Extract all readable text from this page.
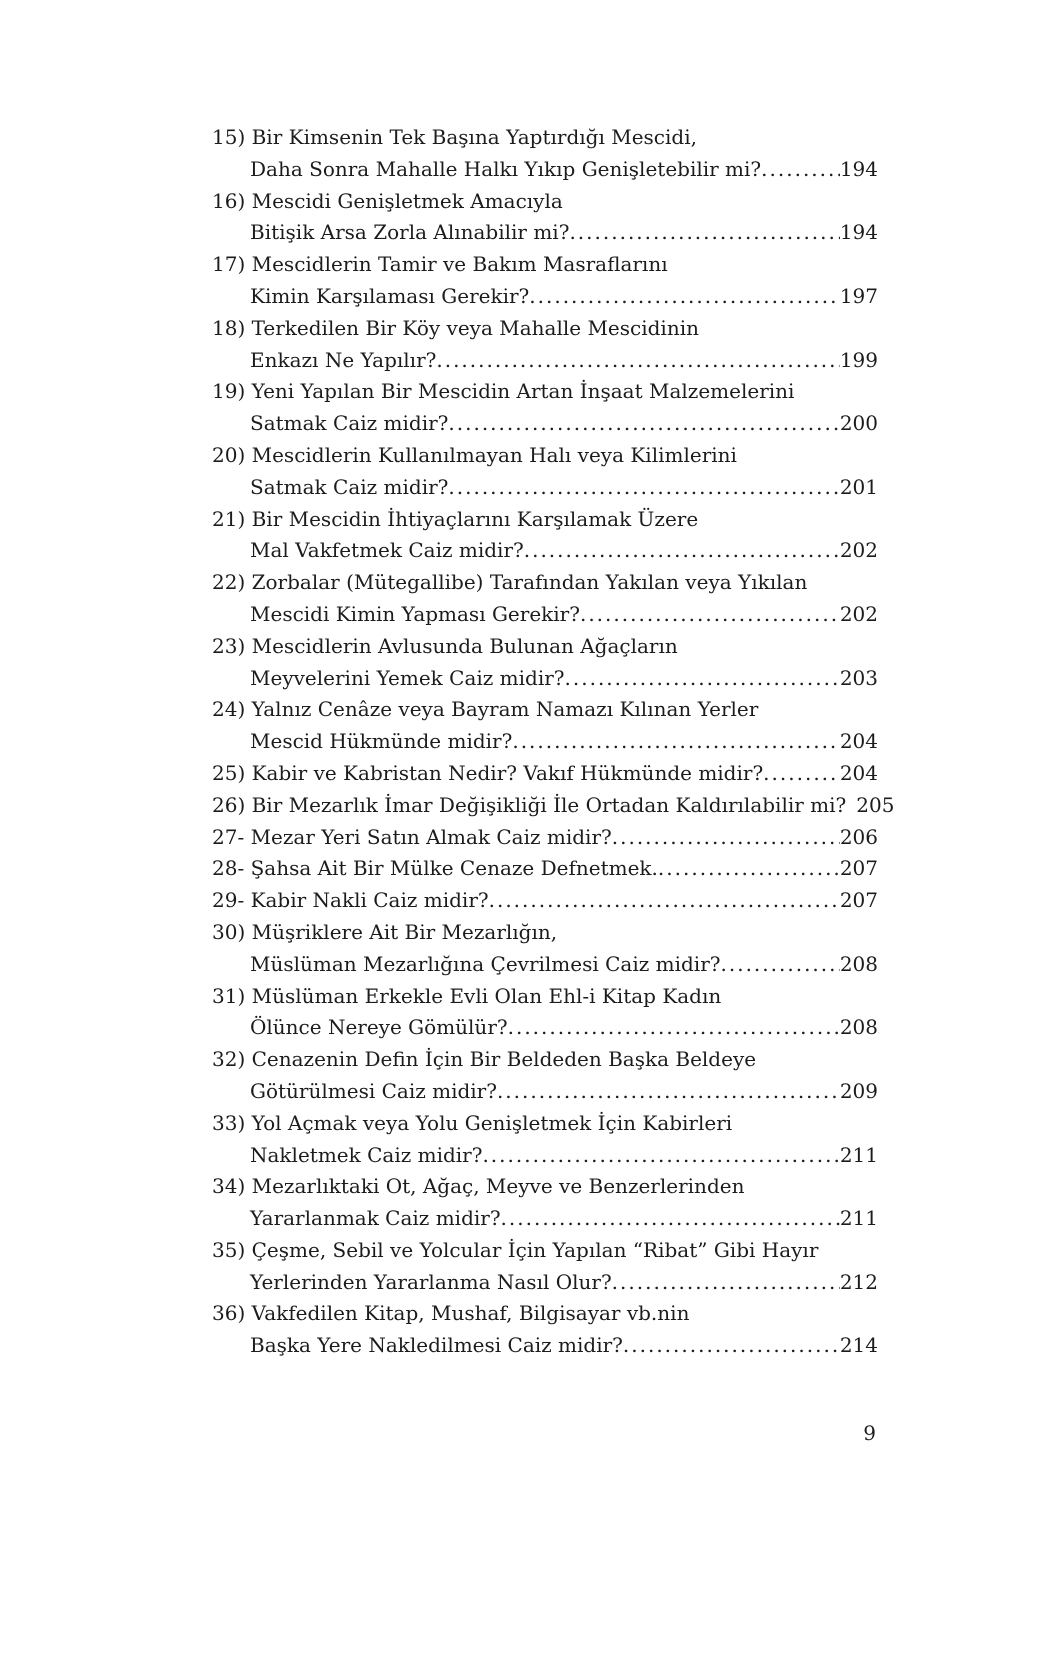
15) Bir Kimsenin Tek Başına Yaptırdığı Mescidi,
Daha Sonra Mahalle Halkı Yıkıp Genişletebilir mi? .....	194
16) Mescidi Genişletmek Amacıyla
Bitişik Arsa Zorla Alınabilir mi? .....	194
17) Mescidlerin Tamir ve Bakım Masraflarını
Kimin Karşılaması Gerekir? .....	197
18) Terkedilen Bir Köy veya Mahalle Mescidinin
Enkazı Ne Yapılır? .....	199
19) Yeni Yapılan Bir Mescidin Artan İnşaat Malzemelerini
Satmak Caiz midir? .....	200
20) Mescidlerin Kullanılmayan Halı veya Kilimlerini
Satmak Caiz midir? .....	201
21) Bir Mescidin İhtiyaçlarını Karşılamak Üzere
Mal Vakfetmek Caiz midir? .....	202
22) Zorbalar (Mütegallibe) Tarafından Yakılan veya Yıkılan
Mescidi Kimin Yapması Gerekir? .....	202
23) Mescidlerin Avlusunda Bulunan Ağaçların
Meyvelerini Yemek Caiz midir? .....	203
24) Yalnız Cenâze veya Bayram Namazı Kılınan Yerler
Mescid Hükmünde midir? .....	204
25) Kabir ve Kabristan Nedir? Vakıf Hükmünde midir? .....	204
26) Bir Mezarlık İmar Değişikliği İle Ortadan Kaldırılabilir mi? 205
27- Mezar Yeri Satın Almak Caiz midir? .....	206
28- Şahsa Ait Bir Mülke Cenaze Defnetmek. .....	207
29- Kabir Nakli Caiz midir? .....	207
30) Müşriklere Ait Bir Mezarlığın,
Müslüman Mezarlığına Çevrilmesi Caiz midir? .....	208
31) Müslüman Erkekle Evli Olan Ehl-i Kitap Kadın
Ölünce Nereye Gömülür? .....	208
32) Cenazenin Defin İçin Bir Beldeden Başka Beldeye
Götürülmesi Caiz midir? .....	209
33) Yol Açmak veya Yolu Genişletmek İçin Kabirleri
Nakletmek Caiz midir? .....	211
34) Mezarlıktaki Ot, Ağaç, Meyve ve Benzerlerinden
Yararlanmak Caiz midir? .....	211
35) Çeşme, Sebil ve Yolcular İçin Yapılan “Ribat” Gibi Hayır
Yerlerinden Yararlanma Nasıl Olur? .....	212
36) Vakfedilen Kitap, Mushaf, Bilgisayar vb.nin
Başka Yere Nakledilmesi Caiz midir? .....	214
9
